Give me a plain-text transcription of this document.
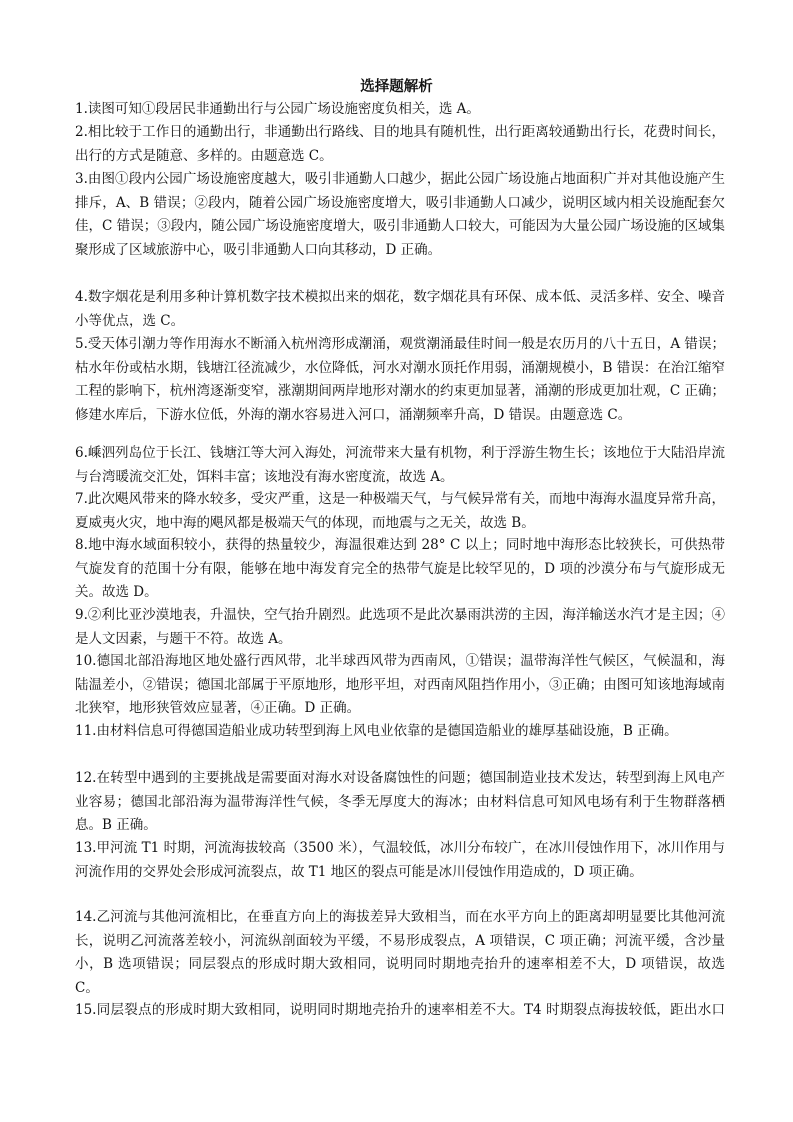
选择题解析
1.读图可知①段居民非通勤出行与公园广场设施密度负相关，选 A。
2.相比较于工作日的通勤出行，非通勤出行路线、目的地具有随机性，出行距离较通勤出行长，花费时间长，出行的方式是随意、多样的。由题意选 C。
3.由图①段内公园广场设施密度越大，吸引非通勤人口越少，据此公园广场设施占地面积广并对其他设施产生排斥，A、B 错误；②段内，随着公园广场设施密度增大，吸引非通勤人口减少，说明区域内相关设施配套欠佳，C 错误；③段内，随公园广场设施密度增大，吸引非通勤人口较大，可能因为大量公园广场设施的区域集聚形成了区域旅游中心，吸引非通勤人口向其移动，D 正确。
4.数字烟花是利用多种计算机数字技术模拟出来的烟花，数字烟花具有环保、成本低、灵活多样、安全、噪音小等优点，选 C。
5.受天体引潮力等作用海水不断涌入杭州湾形成潮涌，观赏潮涌最佳时间一般是农历月的八十五日，A 错误；枯水年份或枯水期，钱塘江径流减少，水位降低，河水对潮水顶托作用弱，涌潮规模小，B 错误：在治江缩窄工程的影响下，杭州湾逐渐变窄，涨潮期间两岸地形对潮水的约束更加显著，涌潮的形成更加壮观，C 正确；修建水库后，下游水位低，外海的潮水容易进入河口，涌潮频率升高，D 错误。由题意选 C。
6.嵊泗列岛位于长江、钱塘江等大河入海处，河流带来大量有机物，利于浮游生物生长；该地位于大陆沿岸流与台湾暖流交汇处，饵料丰富；该地没有海水密度流，故选 A。
7.此次飓风带来的降水较多，受灾严重，这是一种极端天气，与气候异常有关，而地中海海水温度异常升高，夏威夷火灾，地中海的飓风都是极端天气的体现，而地震与之无关，故选 B。
8.地中海水域面积较小，获得的热量较少，海温很难达到 28° C 以上；同时地中海形态比较狭长，可供热带气旋发育的范围十分有限，能够在地中海发育完全的热带气旋是比较罕见的，D 项的沙漠分布与气旋形成无关。故选 D。
9.②利比亚沙漠地表，升温快，空气抬升剧烈。此选项不是此次暴雨洪涝的主因，海洋输送水汽才是主因；④是人文因素，与题干不符。故选 A。
10.德国北部沿海地区地处盛行西风带，北半球西风带为西南风，①错误；温带海洋性气候区，气候温和，海陆温差小，②错误；德国北部属于平原地形，地形平坦，对西南风阻挡作用小，③正确；由图可知该地海域南北狭窄，地形狭管效应显著，④正确。D 正确。
11.由材料信息可得德国造船业成功转型到海上风电业依靠的是德国造船业的雄厚基础设施，B 正确。
12.在转型中遇到的主要挑战是需要面对海水对设备腐蚀性的问题；德国制造业技术发达，转型到海上风电产业容易；德国北部沿海为温带海洋性气候，冬季无厚度大的海冰；由材料信息可知风电场有利于生物群落栖息。B 正确。
13.甲河流 T1 时期，河流海拔较高（3500 米），气温较低，冰川分布较广，在冰川侵蚀作用下，冰川作用与河流作用的交界处会形成河流裂点，故 T1 地区的裂点可能是冰川侵蚀作用造成的，D 项正确。
14.乙河流与其他河流相比，在垂直方向上的海拔差异大致相当，而在水平方向上的距离却明显要比其他河流长，说明乙河流落差较小，河流纵剖面较为平缓，不易形成裂点，A 项错误，C 项正确；河流平缓，含沙量小，B 选项错误；同层裂点的形成时期大致相同，说明同时期地壳抬升的速率相差不大，D 项错误，故选 C。
15.同层裂点的形成时期大致相同，说明同时期地壳抬升的速率相差不大。T4 时期裂点海拔较低，距出水口
